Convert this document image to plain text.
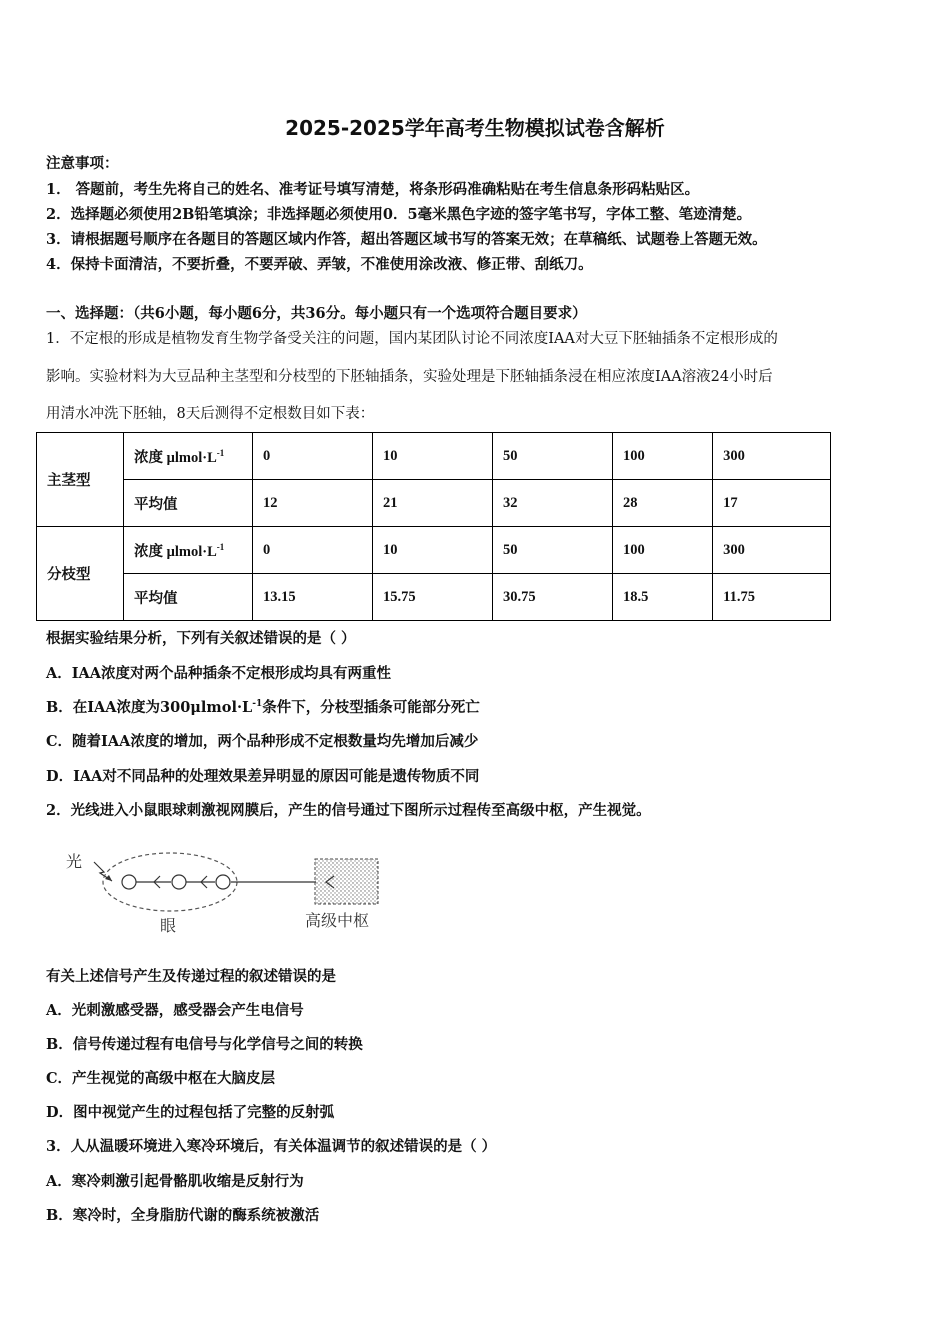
2025-2025学年高考生物模拟试卷含解析
注意事项：
1． 答题前，考生先将自己的姓名、准考证号填写清楚，将条形码准确粘贴在考生信息条形码粘贴区。
2．选择题必须使用2B铅笔填涂；非选择题必须使用0．5毫米黑色字迹的签字笔书写，字体工整、笔迹清楚。
3．请根据题号顺序在各题目的答题区域内作答，超出答题区域书写的答案无效；在草稿纸、试题卷上答题无效。
4．保持卡面清洁，不要折叠，不要弄破、弄皱，不准使用涂改液、修正带、刮纸刀。
一、选择题：（共6小题，每小题6分，共36分。每小题只有一个选项符合题目要求）
1．不定根的形成是植物发育生物学备受关注的问题，国内某团队讨论不同浓度IAA对大豆下胚轴插条不定根形成的
影响。实验材料为大豆品种主茎型和分枝型的下胚轴插条，实验处理是下胚轴插条浸在相应浓度IAA溶液24小时后
用清水冲洗下胚轴，8天后测得不定根数目如下表：
主茎型	浓度 $\mu lmol\cdot L^{-1}$	0	10	50	100	300
	平均值	12	21	32	28	17
分枝型	浓度 $\mu lmol\cdot L^{-1}$	0	10	50	100	300
	平均值	13.15	15.75	30.75	18.5	11.75
根据实验结果分析，下列有关叙述错误的是（ ）
A．IAA浓度对两个品种插条不定根形成均具有两重性
B．在IAA浓度为$300\mu lmol\cdot L^{-1}$条件下，分枝型插条可能部分死亡
C．随着IAA浓度的增加，两个品种形成不定根数量均先增加后减少
D．IAA对不同品种的处理效果差异明显的原因可能是遗传物质不同
2．光线进入小鼠眼球刺激视网膜后，产生的信号通过下图所示过程传至高级中枢，产生视觉。
光
眼	高级中枢
有关上述信号产生及传递过程的叙述错误的是
A．光刺激感受器，感受器会产生电信号
B．信号传递过程有电信号与化学信号之间的转换
C．产生视觉的高级中枢在大脑皮层
D．图中视觉产生的过程包括了完整的反射弧
3．人从温暖环境进入寒冷环境后，有关体温调节的叙述错误的是（ ）
A．寒冷刺激引起骨骼肌收缩是反射行为
B．寒冷时，全身脂肪代谢的酶系统被激活
